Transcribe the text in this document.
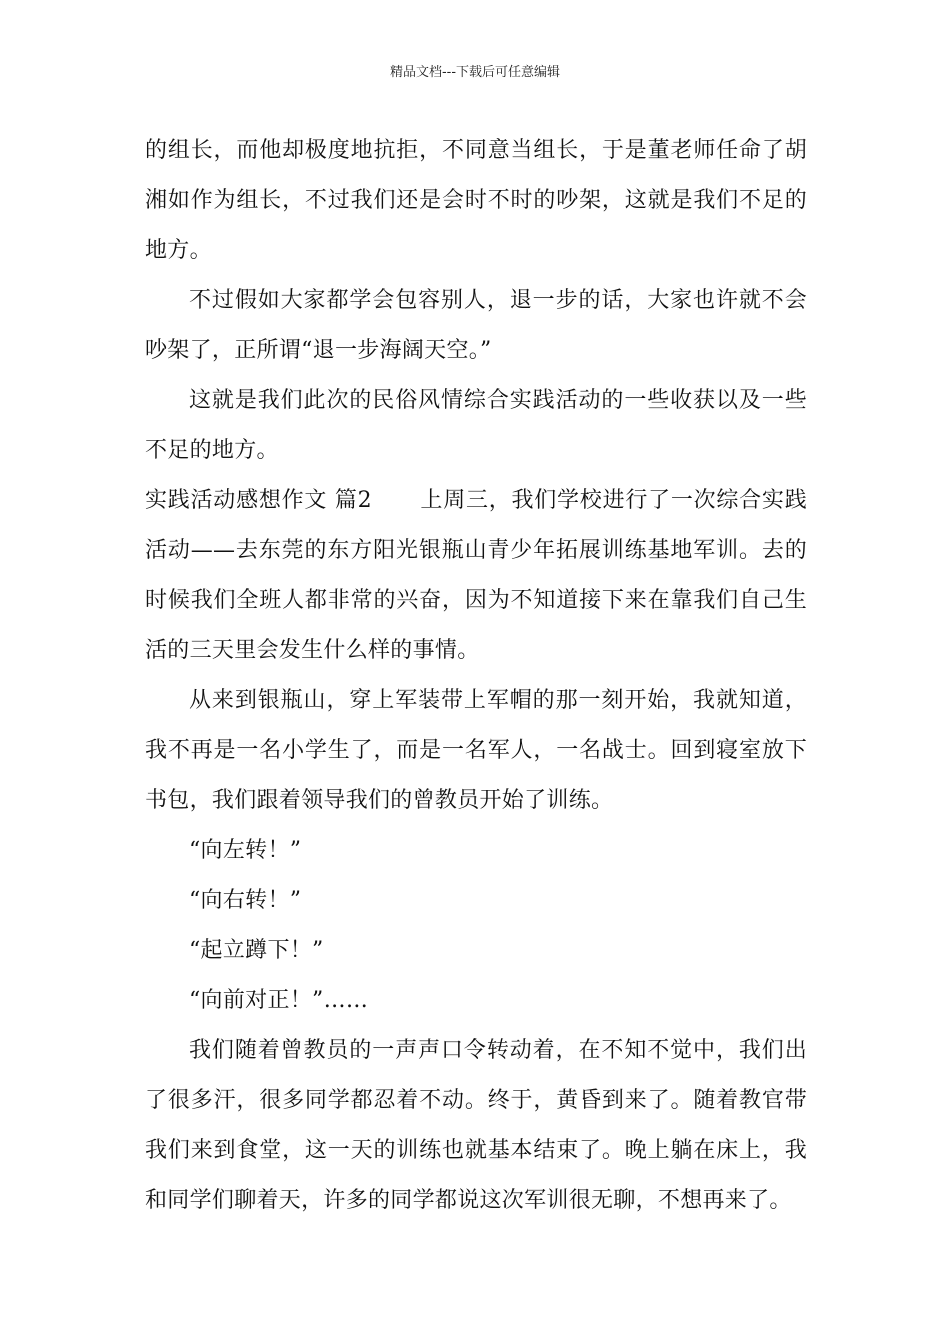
精品文档---下载后可任意编辑

的组长，而他却极度地抗拒，不同意当组长，于是董老师任命了胡湘如作为组长，不过我们还是会时不时的吵架，这就是我们不足的地方。

不过假如大家都学会包容别人，退一步的话，大家也许就不会吵架了，正所谓“退一步海阔天空。”

这就是我们此次的民俗风情综合实践活动的一些收获以及一些不足的地方。

实践活动感想作文 篇2 上周三，我们学校进行了一次综合实践活动——去东莞的东方阳光银瓶山青少年拓展训练基地军训。去的时候我们全班人都非常的兴奋，因为不知道接下来在靠我们自己生活的三天里会发生什么样的事情。

从来到银瓶山，穿上军装带上军帽的那一刻开始，我就知道，我不再是一名小学生了，而是一名军人，一名战士。回到寝室放下书包，我们跟着领导我们的曾教员开始了训练。

“向左转！”

“向右转！”

“起立蹲下！”

“向前对正！”……

我们随着曾教员的一声声口令转动着，在不知不觉中，我们出了很多汗，很多同学都忍着不动。终于，黄昏到来了。随着教官带我们来到食堂，这一天的训练也就基本结束了。晚上躺在床上，我和同学们聊着天，许多的同学都说这次军训很无聊，不想再来了。
